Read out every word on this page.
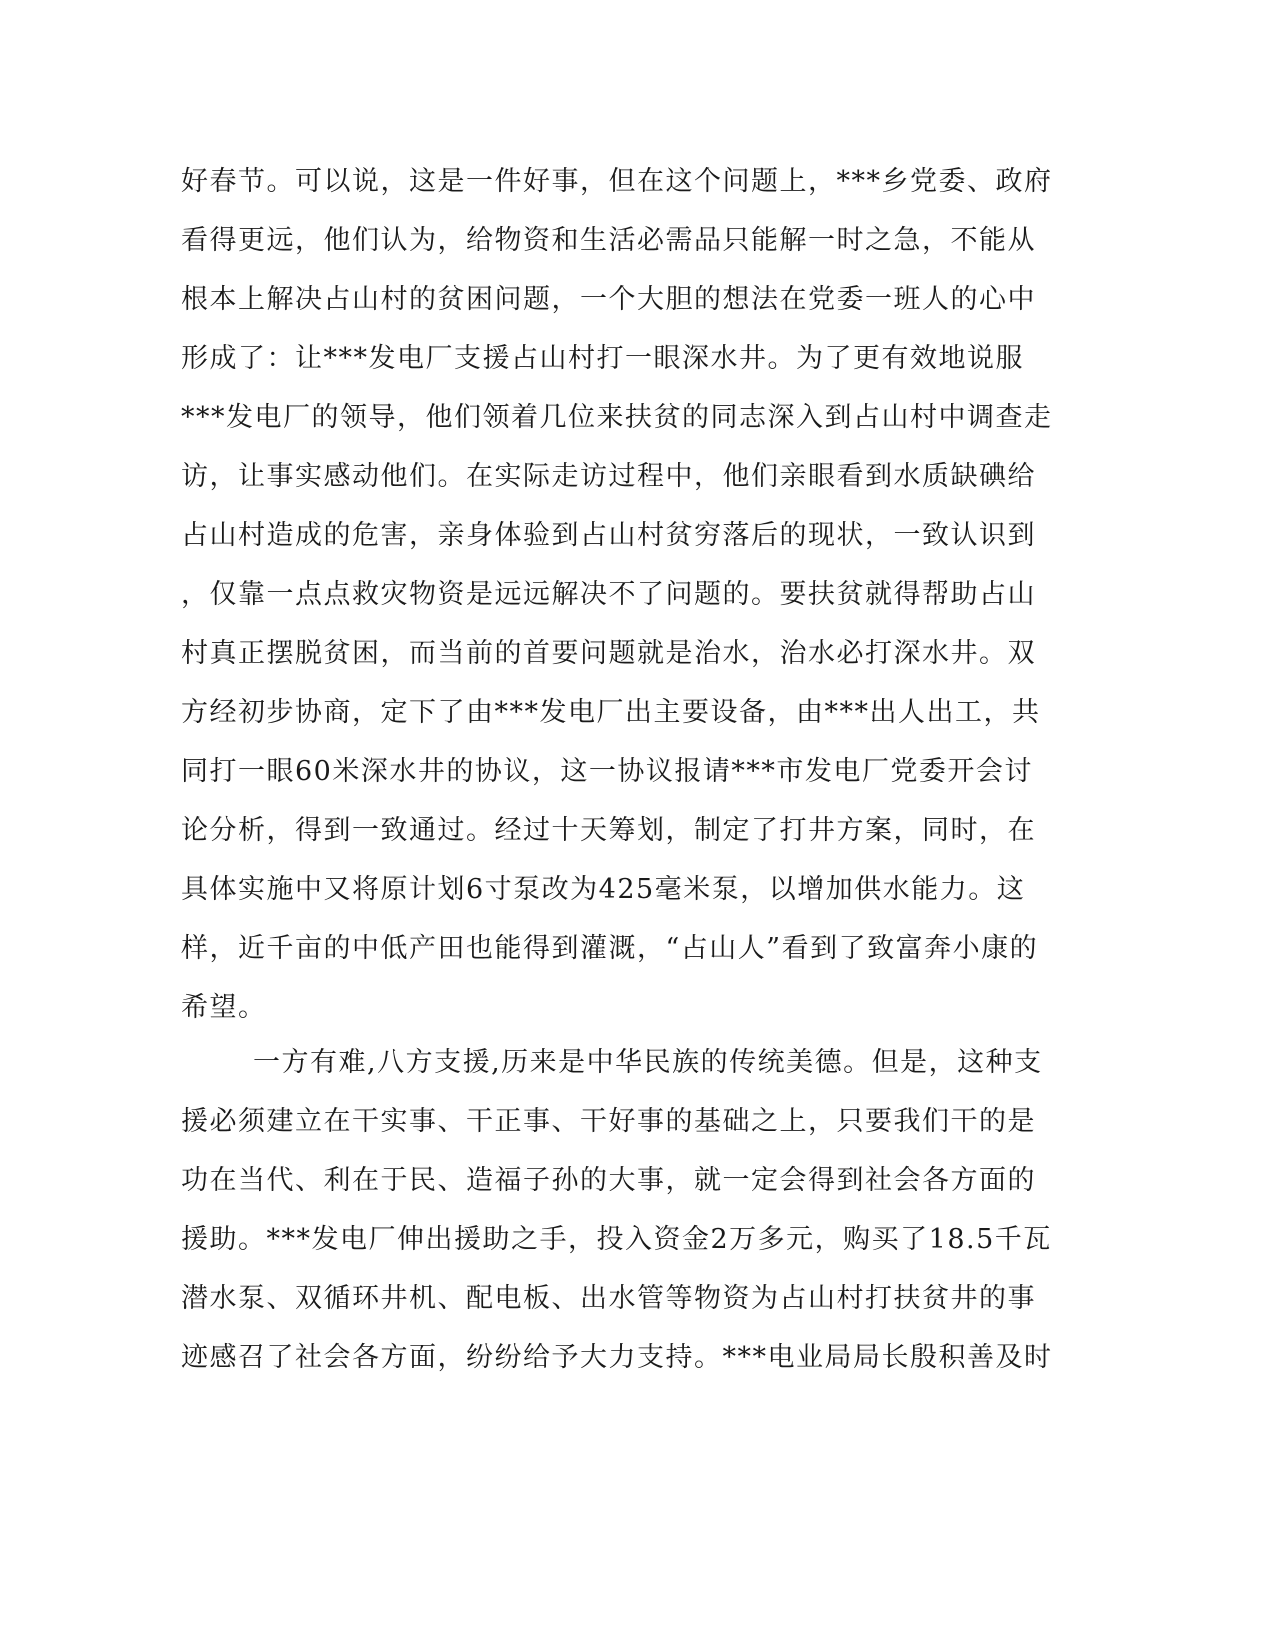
好春节。可以说，这是一件好事，但在这个问题上，***乡党委、政府
看得更远，他们认为，给物资和生活必需品只能解一时之急，不能从
根本上解决占山村的贫困问题，一个大胆的想法在党委一班人的心中
形成了：让***发电厂支援占山村打一眼深水井。为了更有效地说服
***发电厂的领导，他们领着几位来扶贫的同志深入到占山村中调查走
访，让事实感动他们。在实际走访过程中，他们亲眼看到水质缺碘给
占山村造成的危害，亲身体验到占山村贫穷落后的现状，一致认识到
，仅靠一点点救灾物资是远远解决不了问题的。要扶贫就得帮助占山
村真正摆脱贫困，而当前的首要问题就是治水，治水必打深水井。双
方经初步协商，定下了由***发电厂出主要设备，由***出人出工，共
同打一眼60米深水井的协议，这一协议报请***市发电厂党委开会讨
论分析，得到一致通过。经过十天筹划，制定了打井方案，同时，在
具体实施中又将原计划6寸泵改为425毫米泵，以增加供水能力。这
样，近千亩的中低产田也能得到灌溉，“占山人”看到了致富奔小康的
希望。
一方有难,八方支援,历来是中华民族的传统美德。但是，这种支
援必须建立在干实事、干正事、干好事的基础之上，只要我们干的是
功在当代、利在于民、造福子孙的大事，就一定会得到社会各方面的
援助。***发电厂伸出援助之手，投入资金2万多元，购买了18.5千瓦
潜水泵、双循环井机、配电板、出水管等物资为占山村打扶贫井的事
迹感召了社会各方面，纷纷给予大力支持。***电业局局长殷积善及时
